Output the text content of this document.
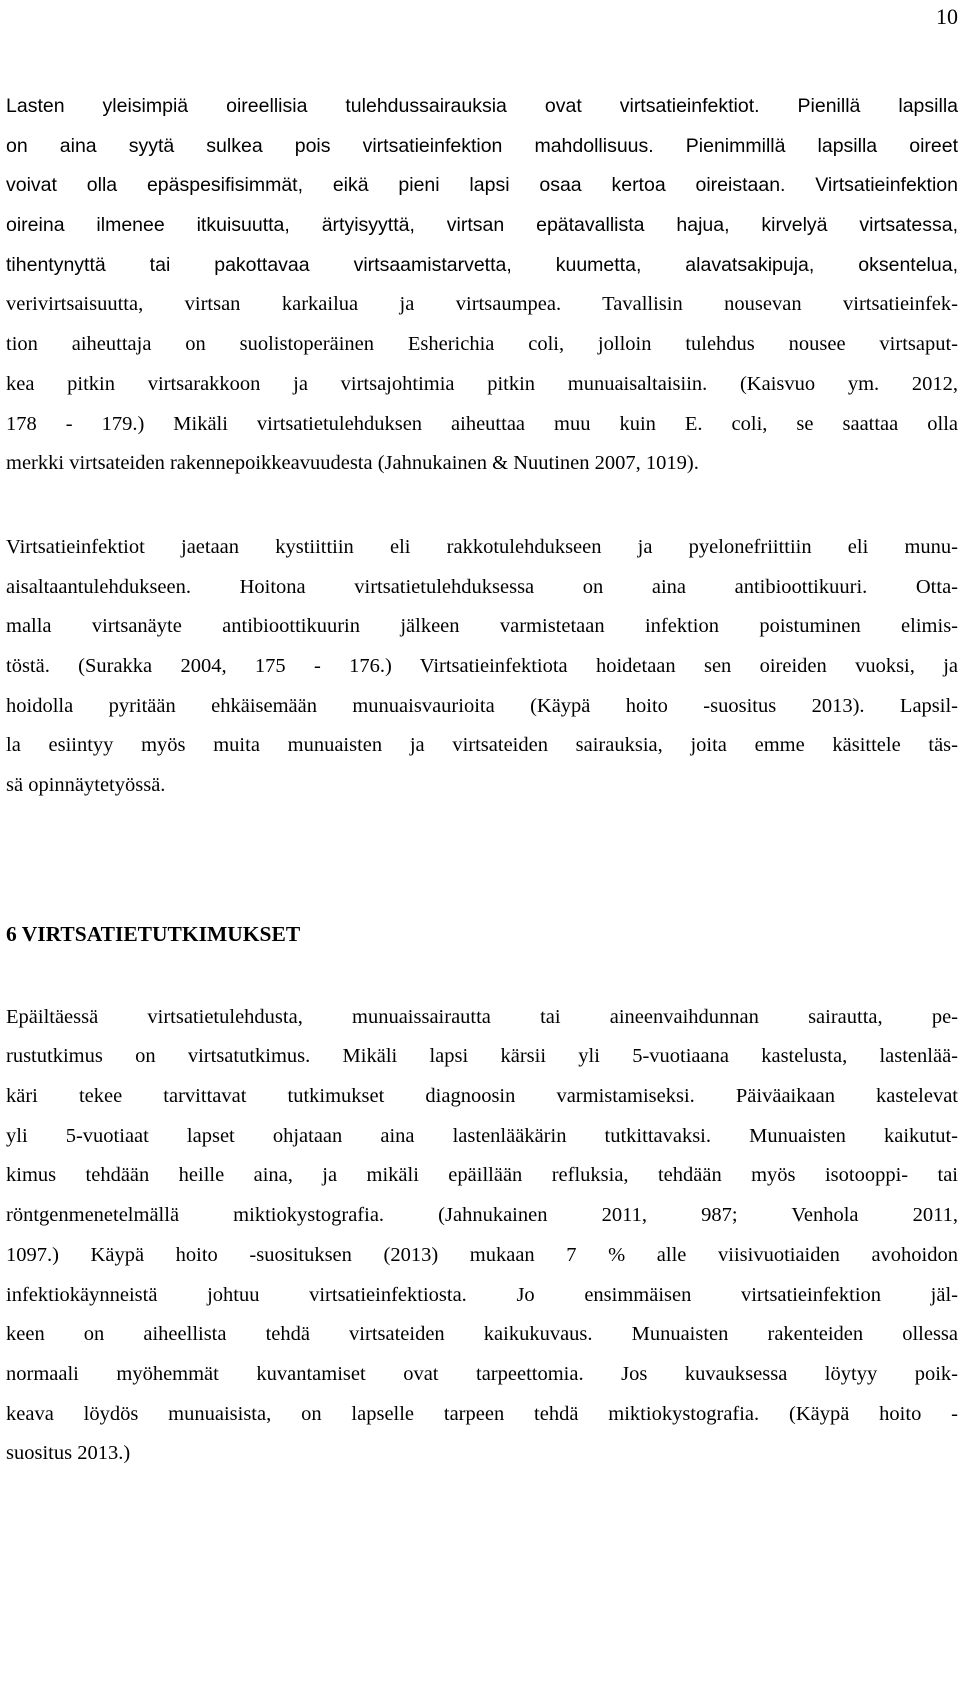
10
Lasten yleisimpiä oireellisia tulehdussairauksia ovat virtsatieinfektiot. Pienillä lapsilla
on aina syytä sulkea pois virtsatieinfektion mahdollisuus. Pienimmillä lapsilla oireet
voivat olla epäspesifisimmät, eikä pieni lapsi osaa kertoa oireistaan. Virtsatieinfektion
oireina ilmenee itkuisuutta, ärtyisyyttä, virtsan epätavallista hajua, kirvelyä virtsatessa,
tihentynyttä tai pakottavaa virtsaamistarvetta, kuumetta, alavatsakipuja, oksentelua,
verivirtsaisuutta, virtsan karkailua ja virtsaumpea. Tavallisin nousevan virtsatieinfek-
tion aiheuttaja on suolistoperäinen Esherichia coli, jolloin tulehdus nousee virtsaput-
kea pitkin virtsarakkoon ja virtsajohtimia pitkin munuaisaltaisiin. (Kaisvuo ym. 2012,
178 - 179.) Mikäli virtsatietulehduksen aiheuttaa muu kuin E. coli, se saattaa olla
merkki virtsateiden rakennepoikkeavuudesta (Jahnukainen & Nuutinen 2007, 1019).
Virtsatieinfektiot jaetaan kystiittiin eli rakkotulehdukseen ja pyelonefriittiin eli munu-
aisaltaantulehdukseen. Hoitona virtsatietulehduksessa on aina antibioottikuuri. Otta-
malla virtsanäyte antibioottikuurin jälkeen varmistetaan infektion poistuminen elimis-
töstä. (Surakka 2004, 175 - 176.) Virtsatieinfektiota hoidetaan sen oireiden vuoksi, ja
hoidolla pyritään ehkäisemään munuaisvaurioita (Käypä hoito -suositus 2013). Lapsil-
la esiintyy myös muita munuaisten ja virtsateiden sairauksia, joita emme käsittele täs-
sä opinnäytetyössä.
6 VIRTSATIETUTKIMUKSET
Epäiltäessä virtsatietulehdusta, munuaissairautta tai aineenvaihdunnan sairautta, pe-
rustutkimus on virtsatutkimus. Mikäli lapsi kärsii yli 5-vuotiaana kastelusta, lastenlää-
käri tekee tarvittavat tutkimukset diagnoosin varmistamiseksi. Päiväaikaan kastelevat
yli 5-vuotiaat lapset ohjataan aina lastenlääkärin tutkittavaksi. Munuaisten kaikutut-
kimus tehdään heille aina, ja mikäli epäillään refluksia, tehdään myös isotooppi- tai
röntgenmenetelmällä miktiokystografia. (Jahnukainen 2011, 987; Venhola 2011,
1097.) Käypä hoito -suosituksen (2013) mukaan 7 % alle viisivuotiaiden avohoidon
infektiokäynneistä johtuu virtsatieinfektiosta. Jo ensimmäisen virtsatieinfektion jäl-
keen on aiheellista tehdä virtsateiden kaikukuvaus. Munuaisten rakenteiden ollessa
normaali myöhemmät kuvantamiset ovat tarpeettomia. Jos kuvauksessa löytyy poik-
keava löydös munuaisista, on lapselle tarpeen tehdä miktiokystografia. (Käypä hoito -
suositus 2013.)
